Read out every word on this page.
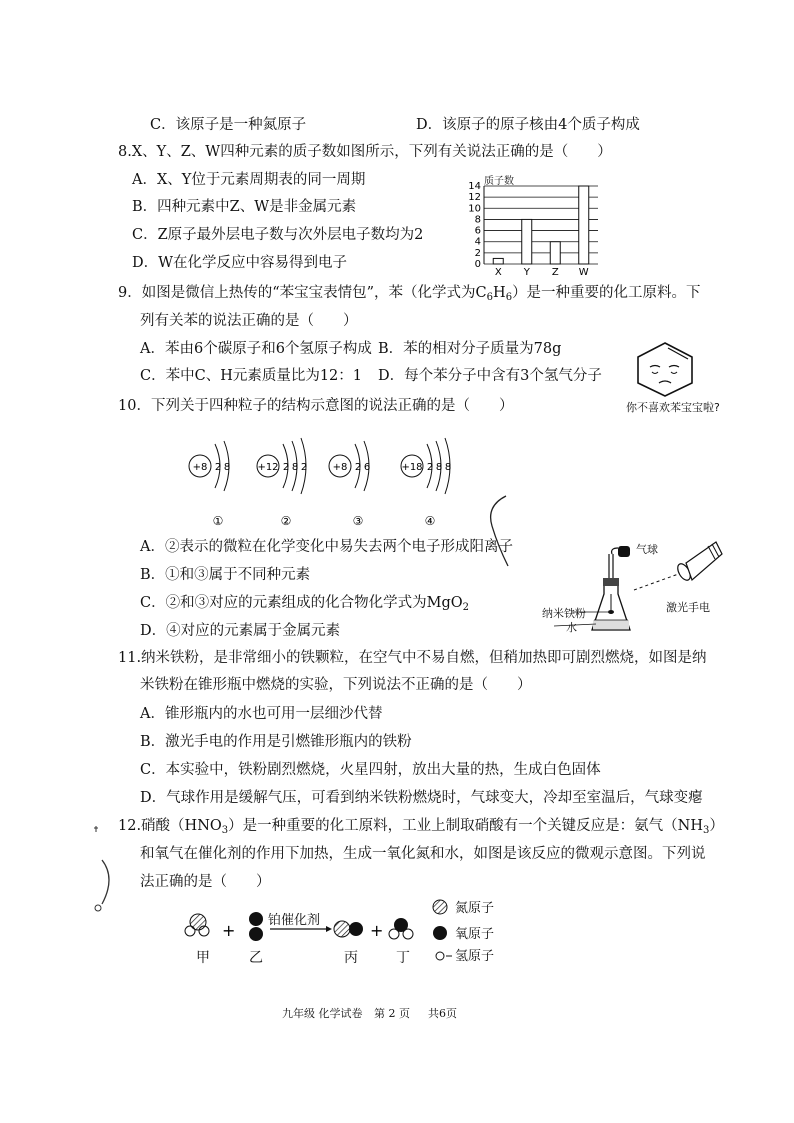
C．该原子是一种氮原子	D．该原子的原子核由4个质子构成
8.X、Y、Z、W四种元素的质子数如图所示，下列有关说法正确的是（　　）
A．X、Y位于元素周期表的同一周期
B．四种元素中Z、W是非金属元素
C．Z原子最外层电子数与次外层电子数均为2
D．W在化学反应中容易得到电子	0
2
4
6
8
10
12
14
X Y Z W
质子数
9．如图是微信上热传的“苯宝宝表情包”，苯（化学式为$C_6H_6$）是一种重要的化工原料。下
列有关苯的说法正确的是（　　）
A．苯由6个碳原子和6个氢原子构成 B．苯的相对分子质量为78g
C．苯中C、H元素质量比为12：1 D．每个苯分子中含有3个氢气分子
你不喜欢苯宝宝啦?
10．下列关于四种粒子的结构示意图的说法正确的是（　　）
+8 2 8
①
+12 2 8 2
②
+8 2 6
③
+18 2 8 8
④
A．②表示的微粒在化学变化中易失去两个电子形成阳离子
B．①和③属于不同种元素
C．②和③对应的元素组成的化合物化学式为MgO$_2$
D．④对应的元素属于金属元素
气球
纳米铁粉
水
激光手电
11.纳米铁粉，是非常细小的铁颗粒，在空气中不易自燃，但稍加热即可剧烈燃烧，如图是纳
米铁粉在锥形瓶中燃烧的实验，下列说法不正确的是（　　）
A．锥形瓶内的水也可用一层细沙代替
B．激光手电的作用是引燃锥形瓶内的铁粉
C．本实验中，铁粉剧烈燃烧，火星四射，放出大量的热，生成白色固体
D．气球作用是缓解气压，可看到纳米铁粉燃烧时，气球变大，冷却至室温后，气球变瘪
12.硝酸$(HNO_3)$是一种重要的化工原料，工业上制取硝酸有一个关键反应是：氨气$(NH_3)$
和氧气在催化剂的作用下加热，生成一氧化氮和水，如图是该反应的微观示意图。下列说
法正确的是（　　）
+	+
铂催化剂
甲	乙	丙	丁
氮原子
氧原子
氢原子
九年级 化学试卷 第 2 页 共6页
